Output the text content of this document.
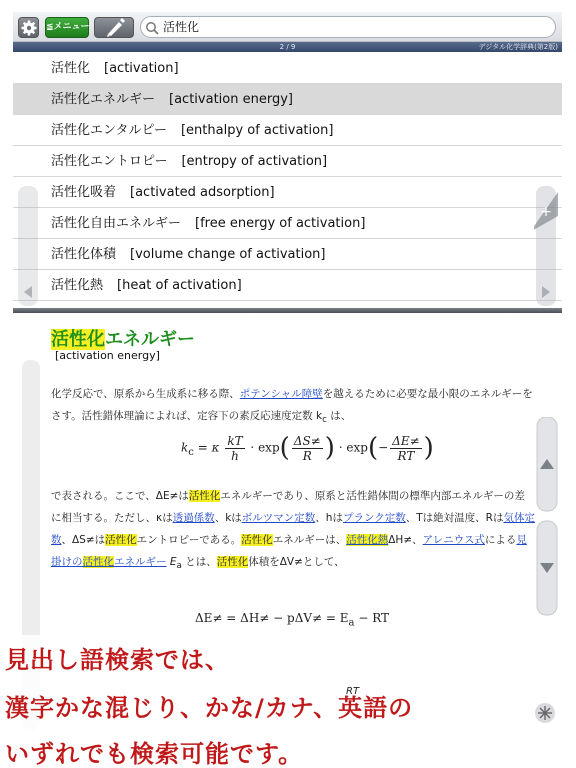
≦メニュー	活性化
2 / 9	デジタル化学辞典(第2版)
活性化 [activation]
活性化エネルギー [activation energy]
活性化エンタルピー [enthalpy of activation]
活性化エントロピー [entropy of activation]
活性化吸着 [activated adsorption]
活性化自由エネルギー [free energy of activation]
活性化体積 [volume change of activation]
活性化熱 [heat of activation]
+
活性化エネルギー
[activation energy]
化学反応で、原系から生成系に移る際、ポテンシャル障壁を越えるために必要な最小限のエネルギーをさす。活性錯体理論によれば、定容下の素反応速度定数 $k_c$ は、
$k_c = \kappa \frac{kT}{h} \cdot \exp( \frac{\Delta S\ne}{R}$ ) · $\exp(- \frac{\Delta E\ne}{RT}$ )
で表される。ここで、ΔE≠は活性化エネルギーであり、原系と活性錯体間の標準内部エネルギーの差に相当する。ただし、κは透過係数、kはボルツマン定数、hはプランク定数、Tは絶対温度、Rは気体定数、ΔS≠は活性化エントロピーである。活性化エネルギーは、活性化熱ΔH≠、アレニウス式による見掛けの活性化エネルギー $E_a$ とは、活性化体積をΔV≠として、
$\Delta E\ne = \Delta H\ne - p\Delta V\ne = E_a$ − RT
見出し語検索では、
漢字かな混じり、かな/カナ、英語の
いずれでも検索可能です。
RT
